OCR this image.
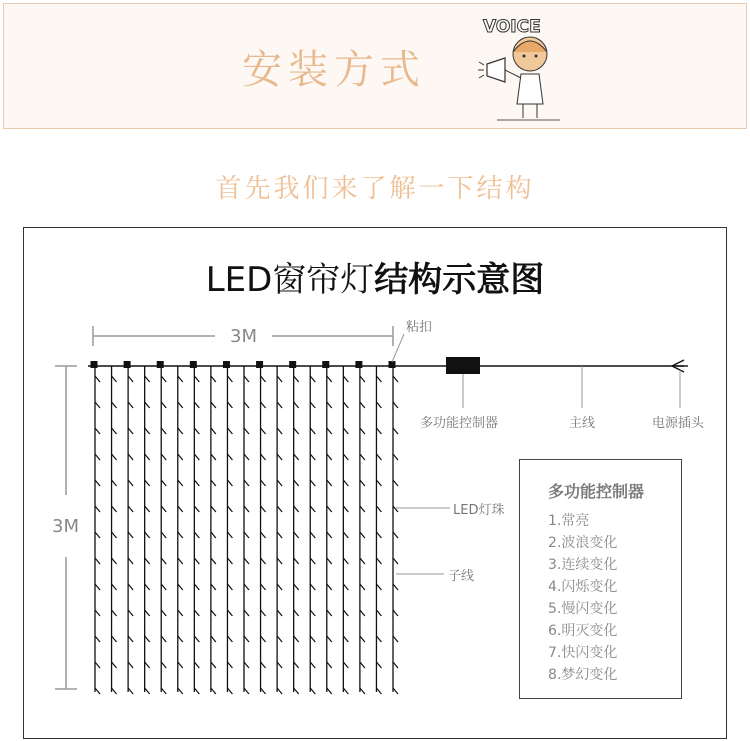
安装方式
VOICE
首先我们来了解一下结构
LED窗帘灯结构示意图
3M
3M
粘扣
多功能控制器	主线	电源插头
LED灯珠
子线
多功能控制器
1.常亮
2.波浪变化
3.连续变化
4.闪烁变化
5.慢闪变化
6.明灭变化
7.快闪变化
8.梦幻变化
